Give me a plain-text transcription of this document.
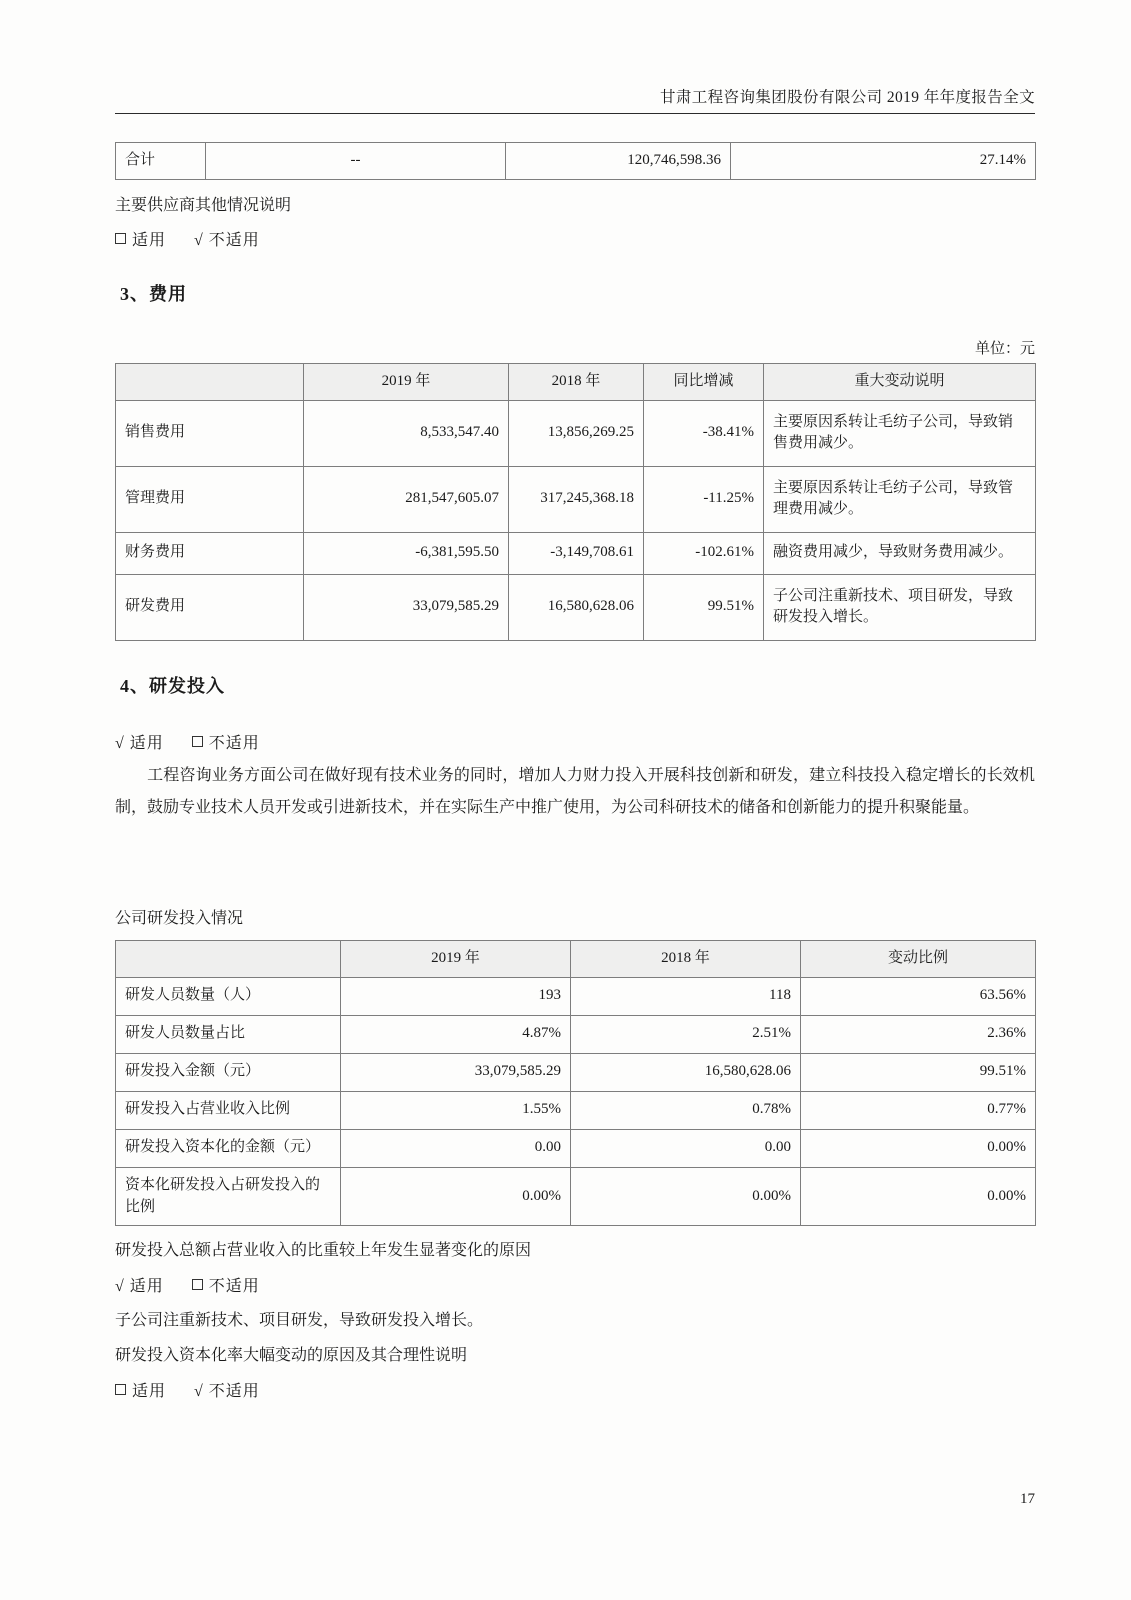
甘肃工程咨询集团股份有限公司 2019 年年度报告全文
合计	--	120,746,598.36	27.14%
主要供应商其他情况说明
适用 √ 不适用
3、费用
单位：元
	2019 年	2018 年	同比增减	重大变动说明
销售费用	8,533,547.40	13,856,269.25	-38.41%	主要原因系转让毛纺子公司，导致销售费用减少。
管理费用	281,547,605.07	317,245,368.18	-11.25%	主要原因系转让毛纺子公司，导致管理费用减少。
财务费用	-6,381,595.50	-3,149,708.61	-102.61%	融资费用减少，导致财务费用减少。
研发费用	33,079,585.29	16,580,628.06	99.51%	子公司注重新技术、项目研发，导致研发投入增长。
4、研发投入
√ 适用	不适用
工程咨询业务方面公司在做好现有技术业务的同时，增加人力财力投入开展科技创新和研发，建立科技投入稳定增长的长效机制，鼓励专业技术人员开发或引进新技术，并在实际生产中推广使用，为公司科研技术的储备和创新能力的提升积聚能量。
公司研发投入情况
	2019 年	2018 年	变动比例
研发人员数量（人）	193	118	63.56%
研发人员数量占比	4.87%	2.51%	2.36%
研发投入金额（元）	33,079,585.29	16,580,628.06	99.51%
研发投入占营业收入比例	1.55%	0.78%	0.77%
研发投入资本化的金额（元）	0.00	0.00	0.00%
资本化研发投入占研发投入的比例	0.00%	0.00%	0.00%
研发投入总额占营业收入的比重较上年发生显著变化的原因
√ 适用	不适用
子公司注重新技术、项目研发，导致研发投入增长。
研发投入资本化率大幅变动的原因及其合理性说明
适用 √ 不适用
17
